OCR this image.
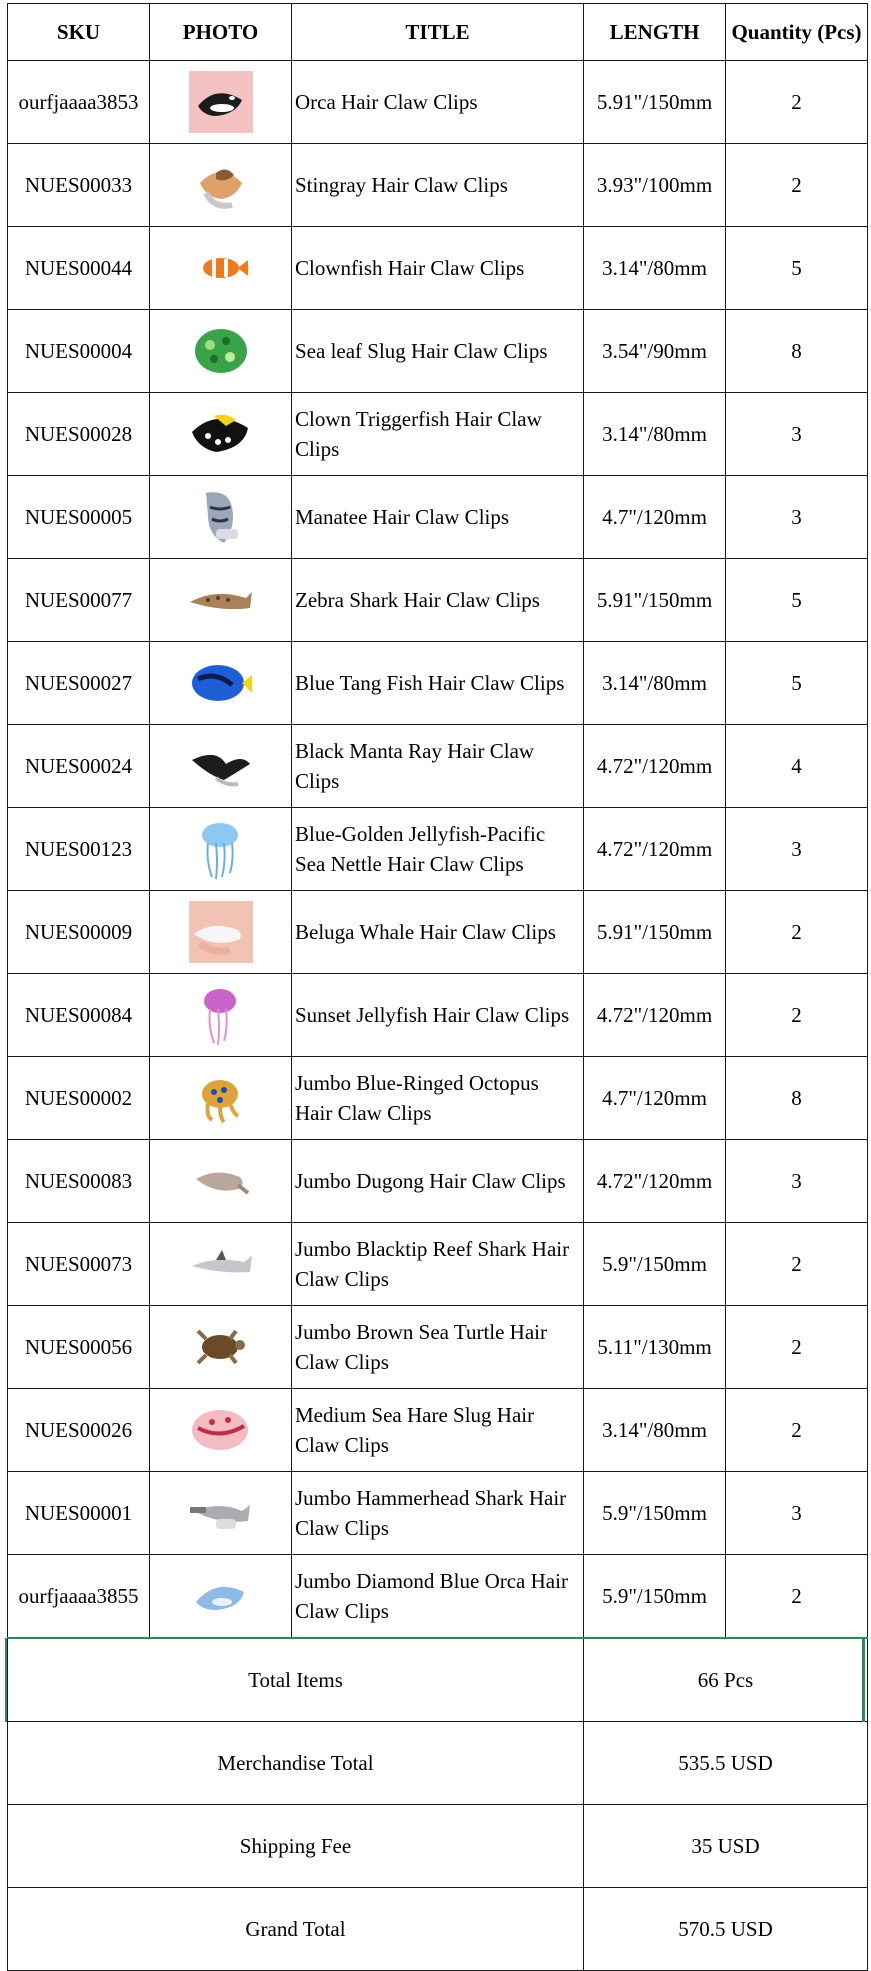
SKU	PHOTO	TITLE	LENGTH	Quantity (Pcs)
ourfjaaaa3853		Orca Hair Claw Clips	5.91"/150mm	2
NUES00033		Stingray Hair Claw Clips	3.93"/100mm	2
NUES00044		Clownfish Hair Claw Clips	3.14"/80mm	5
NUES00004		Sea leaf Slug Hair Claw Clips	3.54"/90mm	8
NUES00028		Clown Triggerfish Hair Claw Clips	3.14"/80mm	3
NUES00005		Manatee Hair Claw Clips	4.7"/120mm	3
NUES00077		Zebra Shark Hair Claw Clips	5.91"/150mm	5
NUES00027		Blue Tang Fish Hair Claw Clips	3.14"/80mm	5
NUES00024		Black Manta Ray Hair Claw Clips	4.72"/120mm	4
NUES00123		Blue-Golden Jellyfish-Pacific Sea Nettle Hair Claw Clips	4.72"/120mm	3
NUES00009		Beluga Whale Hair Claw Clips	5.91"/150mm	2
NUES00084		Sunset Jellyfish Hair Claw Clips	4.72"/120mm	2
NUES00002		Jumbo Blue-Ringed Octopus Hair Claw Clips	4.7"/120mm	8
NUES00083		Jumbo Dugong Hair Claw Clips	4.72"/120mm	3
NUES00073		Jumbo Blacktip Reef Shark Hair Claw Clips	5.9"/150mm	2
NUES00056		Jumbo Brown Sea Turtle Hair Claw Clips	5.11"/130mm	2
NUES00026		Medium Sea Hare Slug Hair Claw Clips	3.14"/80mm	2
NUES00001		Jumbo Hammerhead Shark Hair Claw Clips	5.9"/150mm	3
ourfjaaaa3855		Jumbo Diamond Blue Orca Hair Claw Clips	5.9"/150mm	2
Total Items			66 Pcs	
Merchandise Total			535.5 USD	
Shipping Fee			35 USD	
Grand Total			570.5 USD	
